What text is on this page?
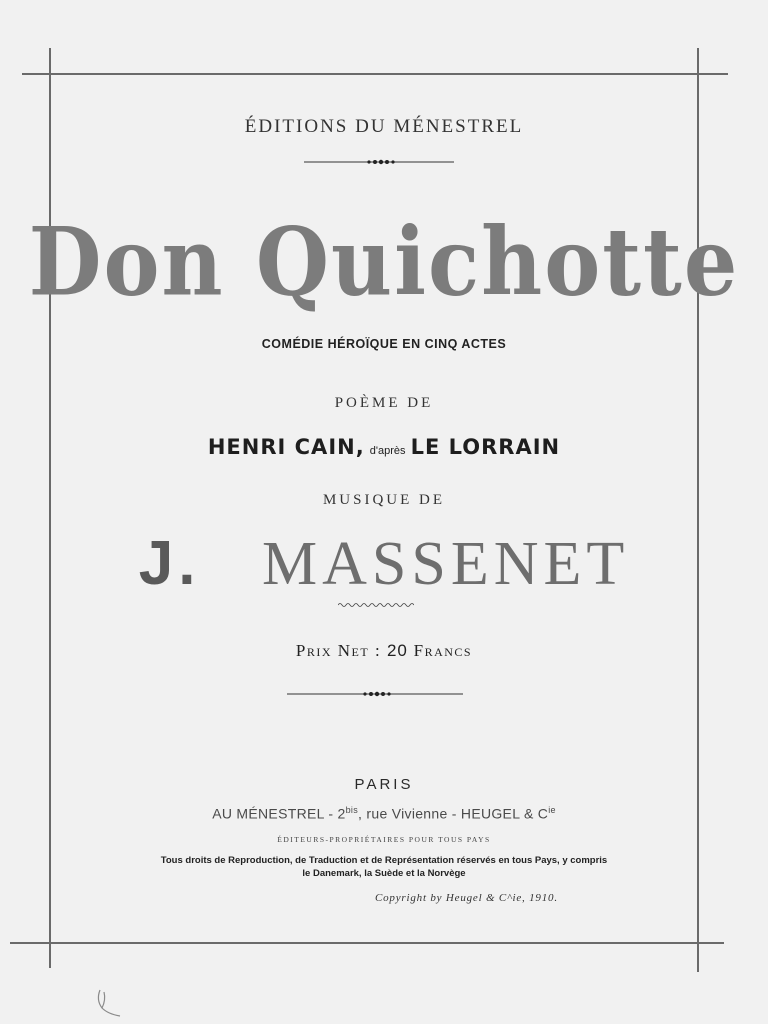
ÉDITIONS DU MÉNESTREL
Don Quichotte
COMÉDIE HÉROÏQUE EN CINQ ACTES
POÈME DE
HENRI CAIN, d'après LE LORRAIN
MUSIQUE DE
J. MASSENET
Prix Net : 20 Francs
PARIS
AU MÉNESTREL - $2^{bis}$, rue Vivienne - HEUGEL & $C^{ie}$
ÉDITEURS-PROPRIÉTAIRES POUR TOUS PAYS
Tous droits de Reproduction, de Traduction et de Représentation réservés en tous Pays, y compris
le Danemark, la Suède et la Norvège
Copyright by Heugel & C^ie, 1910.
